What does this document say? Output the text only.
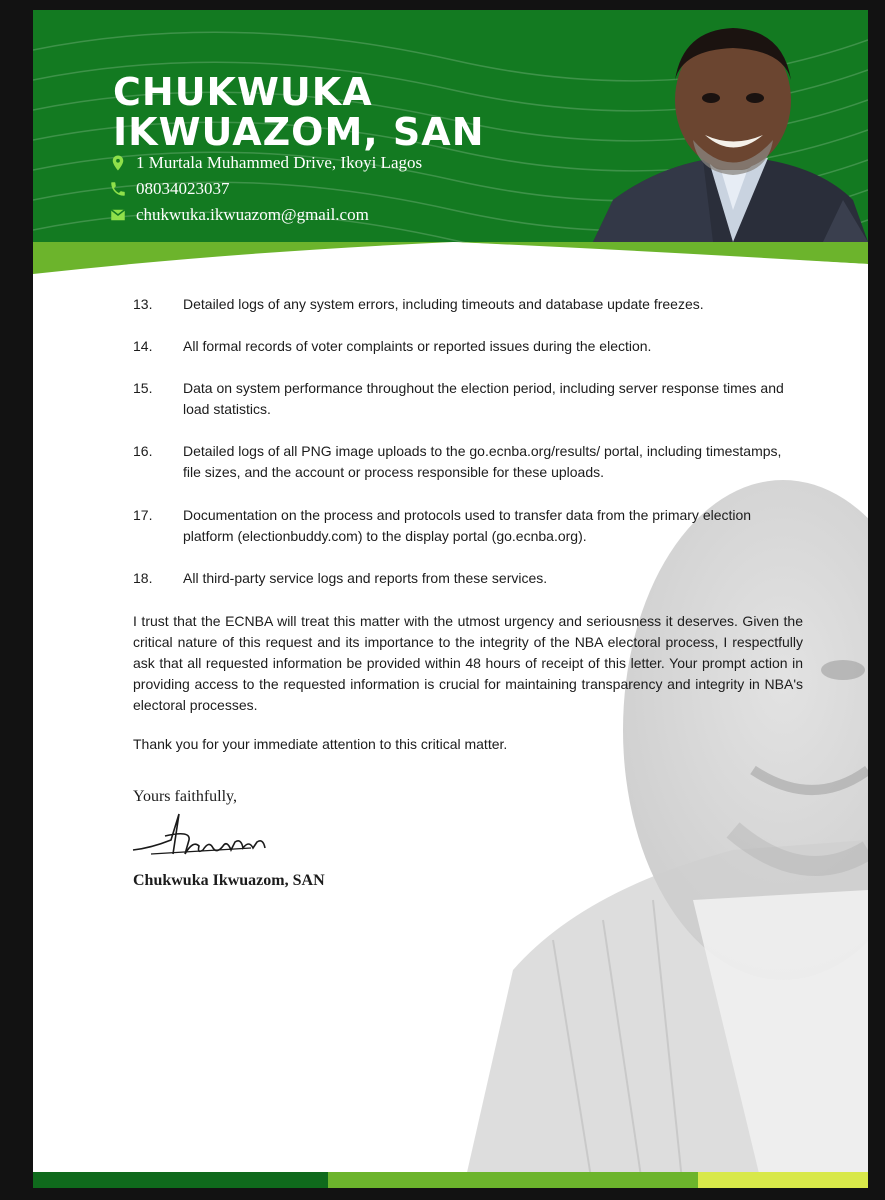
CHUKWUKA IKWUAZOM, SAN
1 Murtala Muhammed Drive, Ikoyi Lagos
08034023037
chukwuka.ikwuazom@gmail.com
13.	Detailed logs of any system errors, including timeouts and database update freezes.
14.	All formal records of voter complaints or reported issues during the election.
15.	Data on system performance throughout the election period, including server response times and load statistics.
16.	Detailed logs of all PNG image uploads to the go.ecnba.org/results/ portal, including timestamps, file sizes, and the account or process responsible for these uploads.
17.	Documentation on the process and protocols used to transfer data from the primary election platform (electionbuddy.com) to the display portal (go.ecnba.org).
18.	All third-party service logs and reports from these services.

I trust that the ECNBA will treat this matter with the utmost urgency and seriousness it deserves. Given the critical nature of this request and its importance to the integrity of the NBA electoral process, I respectfully ask that all requested information be provided within 48 hours of receipt of this letter. Your prompt action in providing access to the requested information is crucial for maintaining transparency and integrity in NBA's electoral processes.

Thank you for your immediate attention to this critical matter.

Yours faithfully,
Chukwuka Ikwuazom, SAN
